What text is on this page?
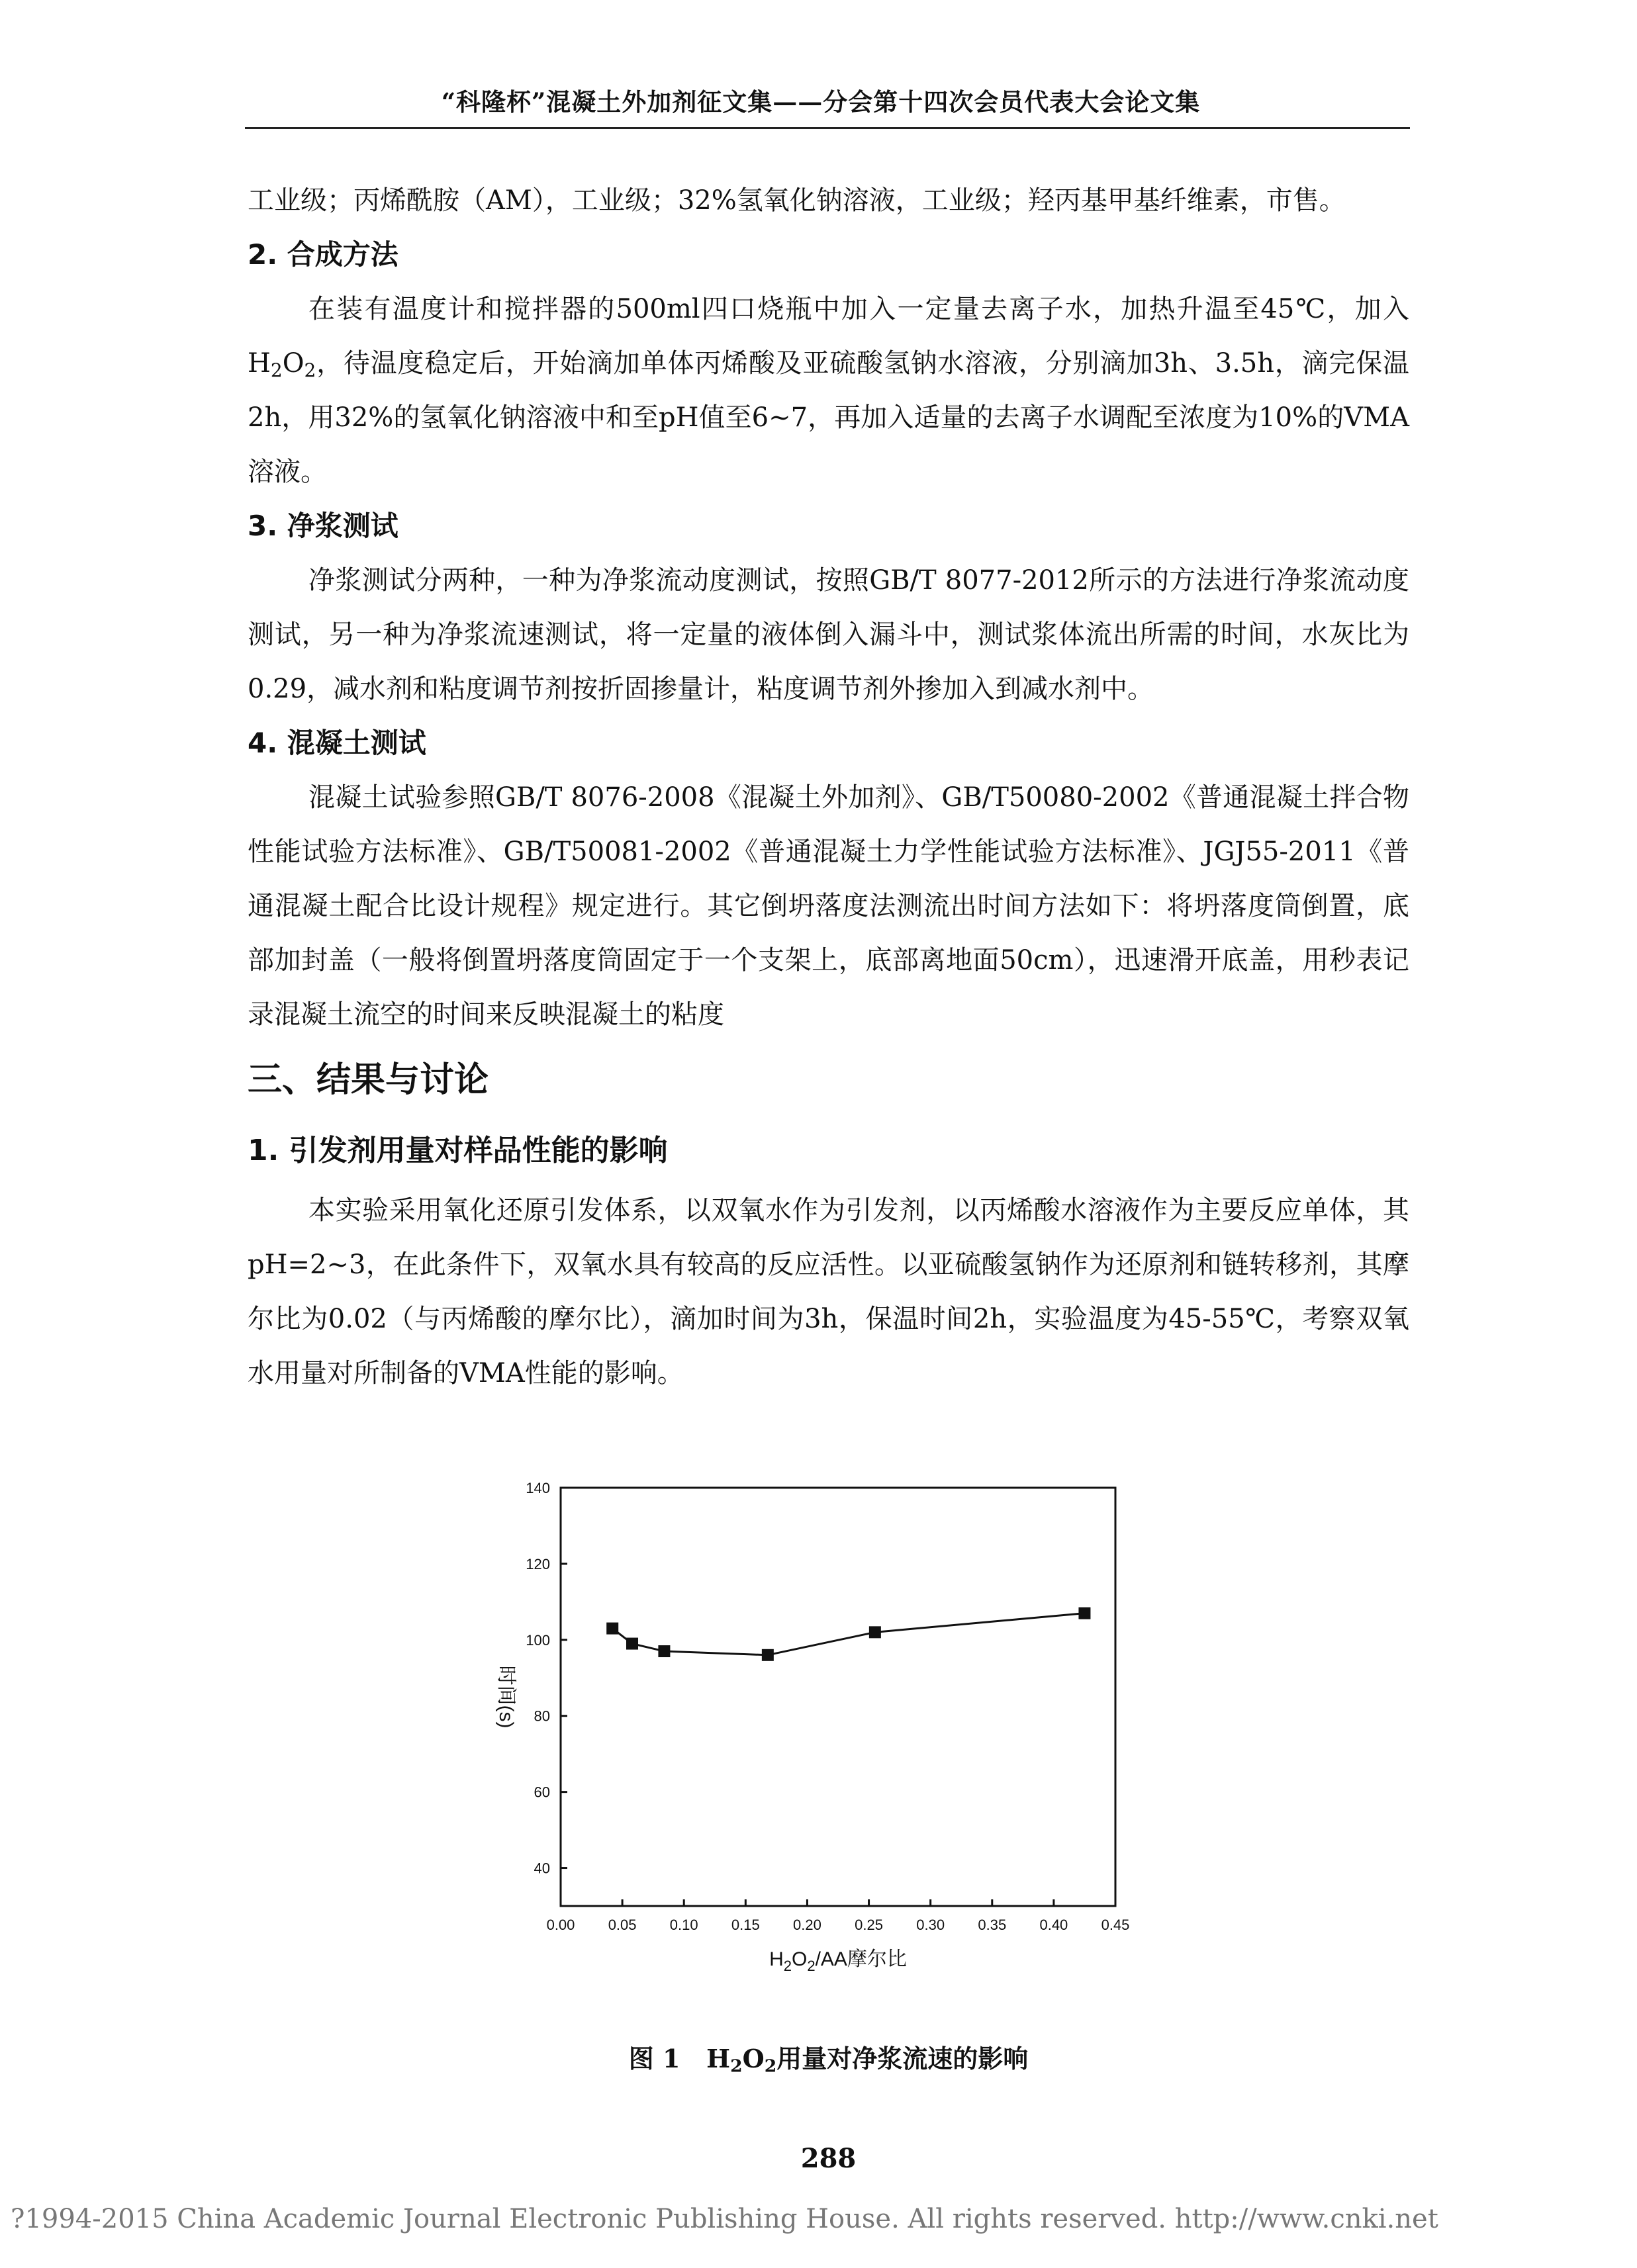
“科隆杯”混凝土外加剂征文集——分会第十四次会员代表大会论文集

工业级；丙烯酰胺（AM），工业级；32%氢氧化钠溶液，工业级；羟丙基甲基纤维素，市售。

2. 合成方法

在装有温度计和搅拌器的500ml四口烧瓶中加入一定量去离子水，加热升温至45℃，加入$H_2O_2$，待温度稳定后，开始滴加单体丙烯酸及亚硫酸氢钠水溶液，分别滴加3h、3.5h，滴完保温2h，用32%的氢氧化钠溶液中和至pH值至6~7，再加入适量的去离子水调配至浓度为10%的VMA溶液。

3. 净浆测试

净浆测试分两种，一种为净浆流动度测试，按照GB/T 8077-2012所示的方法进行净浆流动度测试，另一种为净浆流速测试，将一定量的液体倒入漏斗中，测试浆体流出所需的时间，水灰比为0.29，减水剂和粘度调节剂按折固掺量计，粘度调节剂外掺加入到减水剂中。

4. 混凝土测试

混凝土试验参照GB/T 8076-2008《混凝土外加剂》、GB/T50080-2002《普通混凝土拌合物性能试验方法标准》、GB/T50081-2002《普通混凝土力学性能试验方法标准》、JGJ55-2011《普通混凝土配合比设计规程》规定进行。其它倒坍落度法测流出时间方法如下：将坍落度筒倒置，底部加封盖（一般将倒置坍落度筒固定于一个支架上，底部离地面50cm），迅速滑开底盖，用秒表记录混凝土流空的时间来反映混凝土的粘度

三、结果与讨论

1. 引发剂用量对样品性能的影响

本实验采用氧化还原引发体系，以双氧水作为引发剂，以丙烯酸水溶液作为主要反应单体，其pH=2~3，在此条件下，双氧水具有较高的反应活性。以亚硫酸氢钠作为还原剂和链转移剂，其摩尔比为0.02（与丙烯酸的摩尔比），滴加时间为3h，保温时间2h，实验温度为45-55℃，考察双氧水用量对所制备的VMA性能的影响。

40
60
80
100
120
140
0.00 0.05 0.10 0.15 0.20 0.25 0.30 0.35 0.40 0.45
$H_2O_2/AA$摩尔比
时间(s)
图 1 $H_2O_2$用量对净浆流速的影响
288
?1994-2015 China Academic Journal Electronic Publishing House. All rights reserved. http://www.cnki.net
